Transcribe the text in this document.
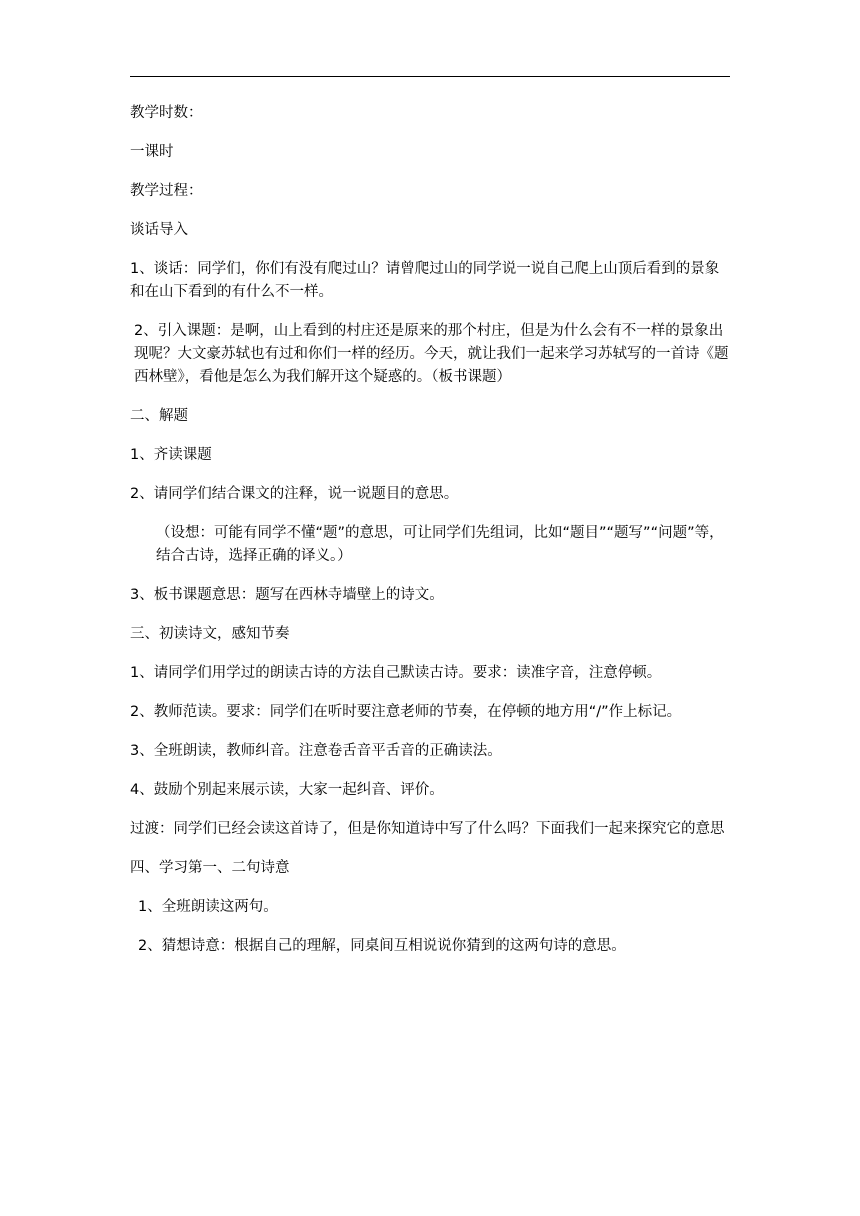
教学时数：

一课时

教学过程：

谈话导入

1、谈话：同学们，你们有没有爬过山？请曾爬过山的同学说一说自己爬上山顶后看到的景象和在山下看到的有什么不一样。

2、引入课题：是啊，山上看到的村庄还是原来的那个村庄，但是为什么会有不一样的景象出现呢？大文豪苏轼也有过和你们一样的经历。今天，就让我们一起来学习苏轼写的一首诗《题西林壁》，看他是怎么为我们解开这个疑惑的。（板书课题）

二、解题

1、齐读课题

2、请同学们结合课文的注释，说一说题目的意思。

（设想：可能有同学不懂“题”的意思，可让同学们先组词，比如“题目”“题写”“问题”等，结合古诗，选择正确的译义。）

3、板书课题意思：题写在西林寺墙壁上的诗文。

三、初读诗文，感知节奏

1、请同学们用学过的朗读古诗的方法自己默读古诗。要求：读准字音，注意停顿。

2、教师范读。要求：同学们在听时要注意老师的节奏，在停顿的地方用“/”作上标记。

3、全班朗读，教师纠音。注意卷舌音平舌音的正确读法。

4、鼓励个别起来展示读，大家一起纠音、评价。

过渡：同学们已经会读这首诗了，但是你知道诗中写了什么吗？下面我们一起来探究它的意思

四、学习第一、二句诗意

1、全班朗读这两句。

2、猜想诗意：根据自己的理解，同桌间互相说说你猜到的这两句诗的意思。
